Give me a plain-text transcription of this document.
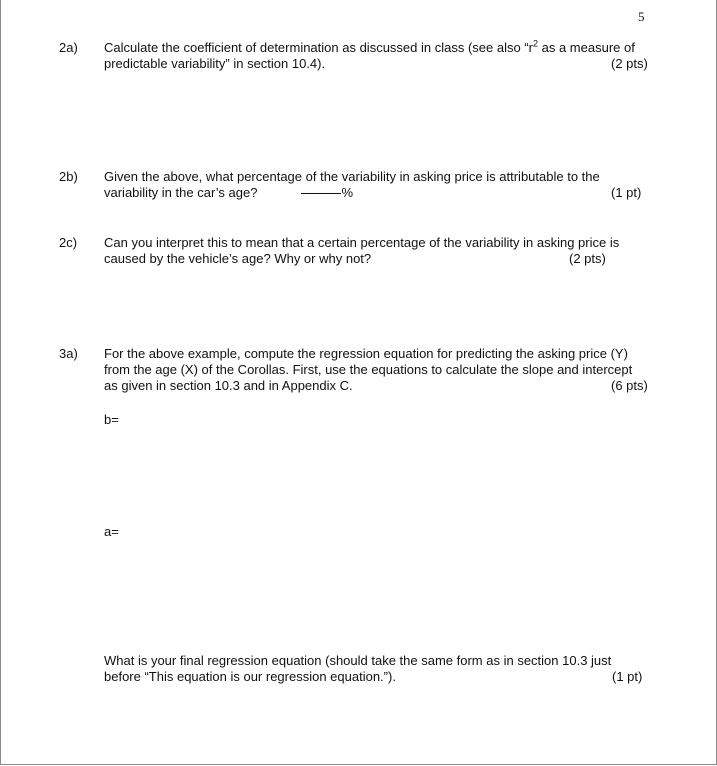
5
2a) Calculate the coefficient of determination as discussed in class (see also “$r^2$ as a measure of
predictable variability” in section 10.4).	(2 pts)
2b) Given the above, what percentage of the variability in asking price is attributable to the
variability in the car’s age?	%	(1 pt)
2c) Can you interpret this to mean that a certain percentage of the variability in asking price is
caused by the vehicle’s age? Why or why not?	(2 pts)
3a) For the above example, compute the regression equation for predicting the asking price (Y)
from the age (X) of the Corollas. First, use the equations to calculate the slope and intercept
as given in section 10.3 and in Appendix C.	(6 pts)
b=
a=
What is your final regression equation (should take the same form as in section 10.3 just
before “This equation is our regression equation.”).	(1 pt)
